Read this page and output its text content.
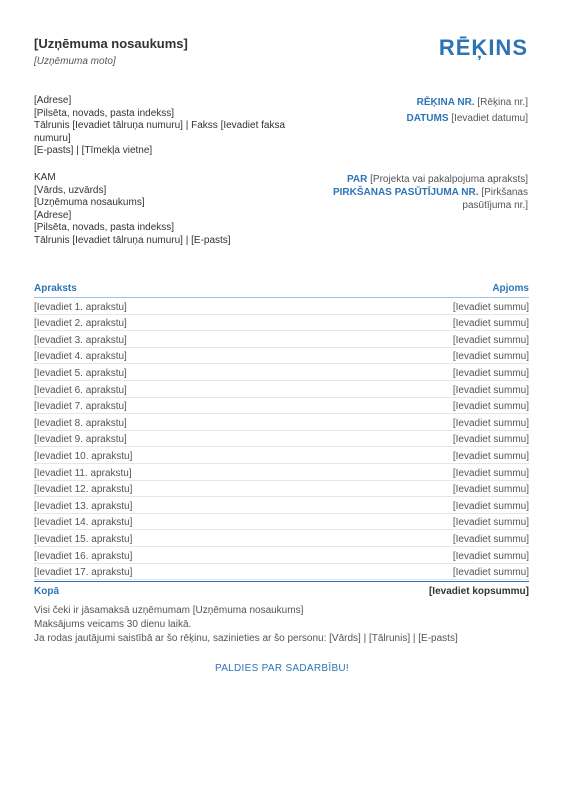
[Uzņēmuma nosaukums]
[Uzņēmuma moto]
RĒĶINS
[Adrese]
[Pilsēta, novads, pasta indekss]
Tālrunis [Ievadiet tālruņa numuru] | Fakss [Ievadiet faksa numuru]
[E-pasts] | [Tīmekļa vietne]
RĒĶINA NR. [Rēķina nr.]
DATUMS [Ievadiet datumu]
KAM
[Vārds, uzvārds]
[Uzņēmuma nosaukums]
[Adrese]
[Pilsēta, novads, pasta indekss]
Tālrunis [Ievadiet tālruņa numuru] | [E-pasts]
PAR [Projekta vai pakalpojuma apraksts]
PIRKŠANAS PASŪTĪJUMA NR. [Pirkšanas pasūtījuma nr.]
Apraksts	Apjoms
[Ievadiet 1. aprakstu]	[Ievadiet summu]
[Ievadiet 2. aprakstu]	[Ievadiet summu]
[Ievadiet 3. aprakstu]	[Ievadiet summu]
[Ievadiet 4. aprakstu]	[Ievadiet summu]
[Ievadiet 5. aprakstu]	[Ievadiet summu]
[Ievadiet 6. aprakstu]	[Ievadiet summu]
[Ievadiet 7. aprakstu]	[Ievadiet summu]
[Ievadiet 8. aprakstu]	[Ievadiet summu]
[Ievadiet 9. aprakstu]	[Ievadiet summu]
[Ievadiet 10. aprakstu]	[Ievadiet summu]
[Ievadiet 11. aprakstu]	[Ievadiet summu]
[Ievadiet 12. aprakstu]	[Ievadiet summu]
[Ievadiet 13. aprakstu]	[Ievadiet summu]
[Ievadiet 14. aprakstu]	[Ievadiet summu]
[Ievadiet 15. aprakstu]	[Ievadiet summu]
[Ievadiet 16. aprakstu]	[Ievadiet summu]
[Ievadiet 17. aprakstu]	[Ievadiet summu]
Kopā	[Ievadiet kopsummu]
Visi čeki ir jāsamaksā uzņēmumam [Uzņēmuma nosaukums]
Maksājums veicams 30 dienu laikā.
Ja rodas jautājumi saistībā ar šo rēķinu, sazinieties ar šo personu: [Vārds] | [Tālrunis] | [E-pasts]
PALDIES PAR SADARBĪBU!
